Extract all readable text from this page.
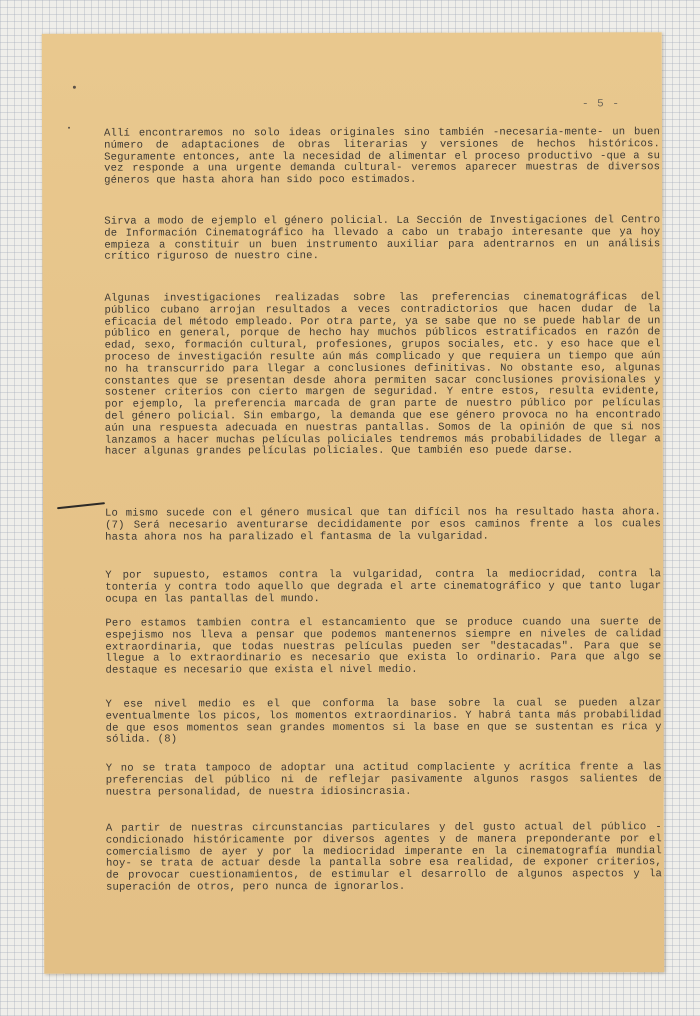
- 5 -

Allí encontraremos no solo ideas originales sino también -necesaria-mente- un buen número de adaptaciones de obras literarias y versiones de hechos históricos. Seguramente entonces, ante la necesidad de alimentar el proceso productivo -que a su vez responde a una urgente demanda cultural- veremos aparecer muestras de diversos géneros que hasta ahora han sido poco estimados.

Sirva a modo de ejemplo el género policial. La Sección de Investigaciones del Centro de Información Cinematográfico ha llevado a cabo un trabajo interesante que ya hoy empieza a constituir un buen instrumento auxiliar para adentrarnos en un análisis crítico riguroso de nuestro cine.

Algunas investigaciones realizadas sobre las preferencias cinematográficas del público cubano arrojan resultados a veces contradictorios que hacen dudar de la eficacia del método empleado. Por otra parte, ya se sabe que no se puede hablar de un público en general, porque de hecho hay muchos públicos estratificados en razón de edad, sexo, formación cultural, profesiones, grupos sociales, etc. y eso hace que el proceso de investigación resulte aún más complicado y que requiera un tiempo que aún no ha transcurrido para llegar a conclusiones definitivas. No obstante eso, algunas constantes que se presentan desde ahora permiten sacar conclusiones provisionales y sostener criterios con cierto margen de seguridad. Y entre estos, resulta evidente, por ejemplo, la preferencia marcada de gran parte de nuestro público por películas del género policial. Sin embargo, la demanda que ese género provoca no ha encontrado aún una respuesta adecuada en nuestras pantallas. Somos de la opinión de que si nos lanzamos a hacer muchas películas policiales tendremos más probabilidades de llegar a hacer algunas grandes películas policiales. Que también eso puede darse.

Lo mismo sucede con el género musical que tan difícil nos ha resultado hasta ahora.(7) Será necesario aventurarse decididamente por esos caminos frente a los cuales hasta ahora nos ha paralizado el fantasma de la vulgaridad.

Y por supuesto, estamos contra la vulgaridad, contra la mediocridad, contra la tontería y contra todo aquello que degrada el arte cinematográfico y que tanto lugar ocupa en las pantallas del mundo.

Pero estamos tambien contra el estancamiento que se produce cuando una suerte de espejismo nos lleva a pensar que podemos mantenernos siempre en niveles de calidad extraordinaria, que todas nuestras películas pueden ser "destacadas". Para que se llegue a lo extraordinario es necesario que exista lo ordinario. Para que algo se destaque es necesario que exista el nivel medio.

Y ese nivel medio es el que conforma la base sobre la cual se pueden alzar eventualmente los picos, los momentos extraordinarios. Y habrá tanta más probabilidad de que esos momentos sean grandes momentos si la base en que se sustentan es rica y sólida. (8)

Y no se trata tampoco de adoptar una actitud complaciente y acrítica frente a las preferencias del público ni de reflejar pasivamente algunos rasgos salientes de nuestra personalidad, de nuestra idiosincrasia.

A partir de nuestras circunstancias particulares y del gusto actual del público -condicionado históricamente por diversos agentes y de manera preponderante por el comercialismo de ayer y por la mediocridad imperante en la cinematografía mundial hoy- se trata de actuar desde la pantalla sobre esa realidad, de exponer criterios, de provocar cuestionamientos, de estimular el desarrollo de algunos aspectos y la superación de otros, pero nunca de ignorarlos.
